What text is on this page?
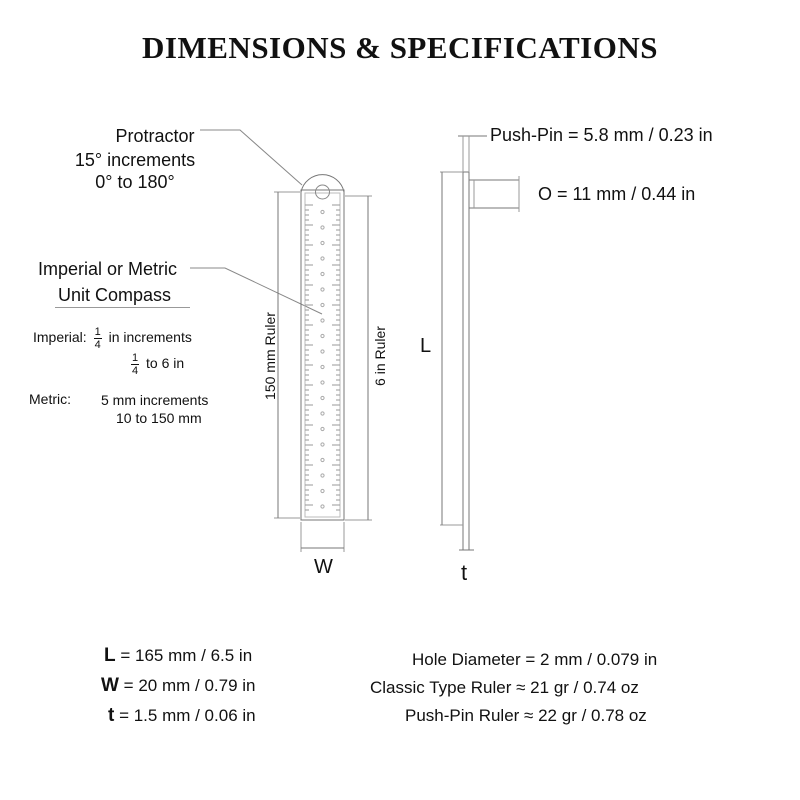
DIMENSIONS & SPECIFICATIONS
Protractor
15° increments
0° to 180°
Imperial or Metric
Unit Compass
Imperial: $\frac{1}{4}$ in increments
$\frac{1}{4}$ to 6 in
Metric: 5 mm increments
10 to 150 mm
150 mm Ruler	6 in Ruler
W
L
t
Push-Pin = 5.8 mm / 0.23 in
O = 11 mm / 0.44 in
L = 165 mm / 6.5 in
W = 20 mm / 0.79 in
t = 1.5 mm / 0.06 in
Hole Diameter = 2 mm / 0.079 in
Classic Type Ruler ≈ 21 gr / 0.74 oz
Push-Pin Ruler ≈ 22 gr / 0.78 oz
